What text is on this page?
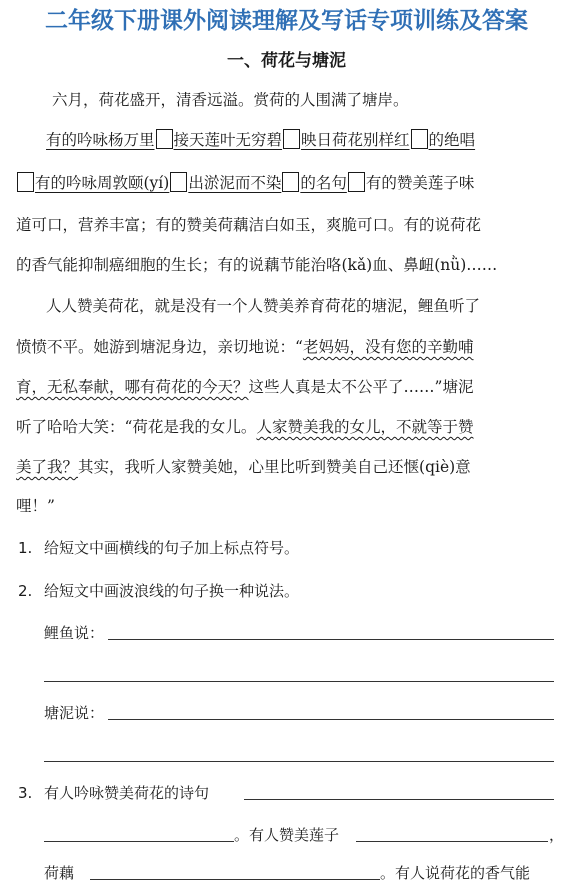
二年级下册课外阅读理解及写话专项训练及答案
一、荷花与塘泥
六月，荷花盛开，清香远溢。赏荷的人围满了塘岸。
有的吟咏杨万里 接天莲叶无穷碧 映日荷花别样红 的绝唱
有的吟咏周敦颐(yí) 出淤泥而不染 的名句 有的赞美莲子味
道可口，营养丰富；有的赞美荷藕洁白如玉，爽脆可口。有的说荷花
的香气能抑制癌细胞的生长；有的说藕节能治咯(kǎ)血、鼻衄(nǜ)……
人人赞美荷花，就是没有一个人赞美养育荷花的塘泥，鲤鱼听了
愤愤不平。她游到塘泥身边，亲切地说：“老妈妈，没有您的辛勤哺
育，无私奉献，哪有荷花的今天？这些人真是太不公平了……”塘泥
听了哈哈大笑：“荷花是我的女儿。人家赞美我的女儿，不就等于赞
美了我？其实，我听人家赞美她，心里比听到赞美自己还惬(qiè)意
哩！”
1. 给短文中画横线的句子加上标点符号。
2. 给短文中画波浪线的句子换一种说法。
鲤鱼说：
塘泥说：
3. 有人吟咏赞美荷花的诗句
。有人赞美莲子	，
荷藕	。有人说荷花的香气能
